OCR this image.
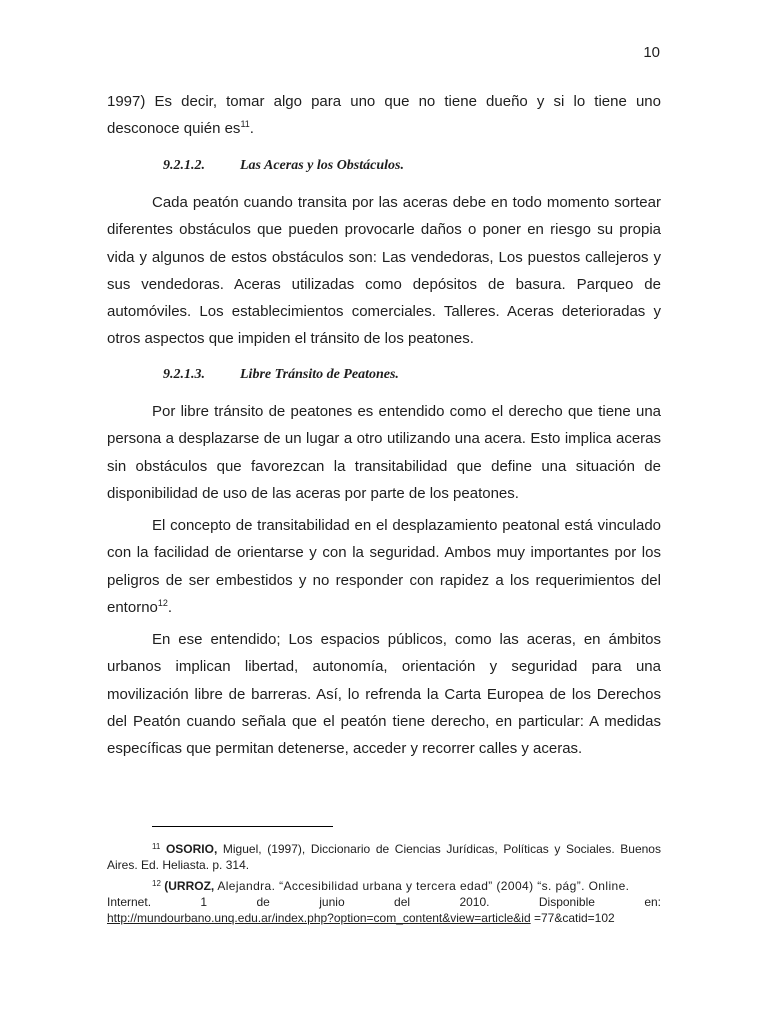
10

1997) Es decir, tomar algo para uno que no tiene dueño y si lo tiene uno desconoce quién $es^{11}$.

9.2.1.2.	Las Aceras y los Obstáculos.

Cada peatón cuando transita por las aceras debe en todo momento sortear diferentes obstáculos que pueden provocarle daños o poner en riesgo su propia vida y algunos de estos obstáculos son: Las vendedoras, Los puestos callejeros y sus vendedoras. Aceras utilizadas como depósitos de basura. Parqueo de automóviles. Los establecimientos comerciales. Talleres. Aceras deterioradas y otros aspectos que impiden el tránsito de los peatones.

9.2.1.3.	Libre Tránsito de Peatones.

Por libre tránsito de peatones es entendido como el derecho que tiene una persona a desplazarse de un lugar a otro utilizando una acera. Esto implica aceras sin obstáculos que favorezcan la transitabilidad que define una situación de disponibilidad de uso de las aceras por parte de los peatones.

El concepto de transitabilidad en el desplazamiento peatonal está vinculado con la facilidad de orientarse y con la seguridad. Ambos muy importantes por los peligros de ser embestidos y no responder con rapidez a los requerimientos del entorno$^{12}$.

En ese entendido; Los espacios públicos, como las aceras, en ámbitos urbanos implican libertad, autonomía, orientación y seguridad para una movilización libre de barreras. Así, lo refrenda la Carta Europea de los Derechos del Peatón cuando señala que el peatón tiene derecho, en particular: A medidas específicas que permitan detenerse, acceder y recorrer calles y aceras.

$^{11}$ OSORIO, Miguel, (1997), Diccionario de Ciencias Jurídicas, Políticas y Sociales. Buenos Aires. Ed. Heliasta. p. 314.

$^{12}$ (URROZ, Alejandra. “Accesibilidad urbana y tercera edad” (2004) “s. pág”. Online.

Internet. 1 de junio del 2010. Disponible en:

http://mundourbano.unq.edu.ar/index.php?option=com_content&view=article&id =77&catid=102
